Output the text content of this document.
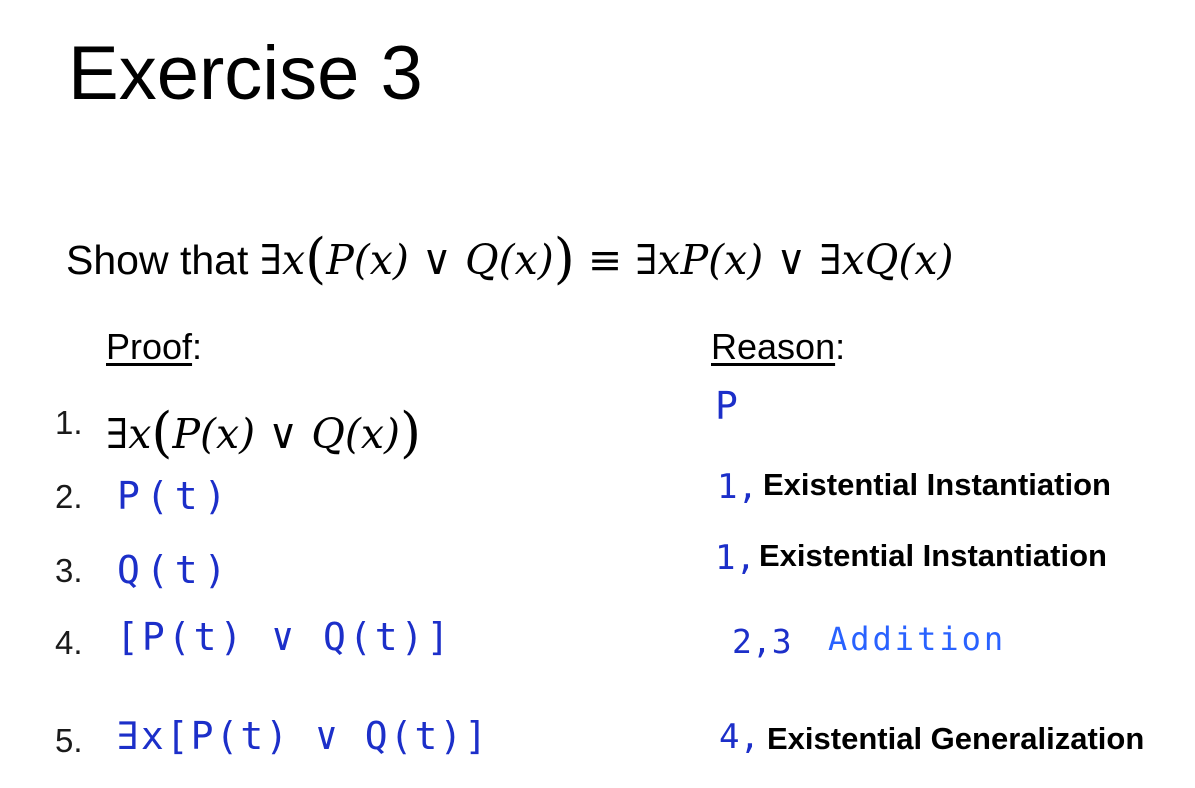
Exercise 3
Show that ∃x(P(x) ∨ Q(x)) ≡ ∃xP(x) ∨ ∃xQ(x)
Proof:	Reason:
1. ∃x(P(x) ∨ Q(x))	P
2. P(t)	1, Existential Instantiation
3. Q(t)	1, Existential Instantiation
4. [P(t) ∨ Q(t)]	2,3 Addition
5. ∃x[P(t) ∨ Q(t)]	4, Existential Generalization
